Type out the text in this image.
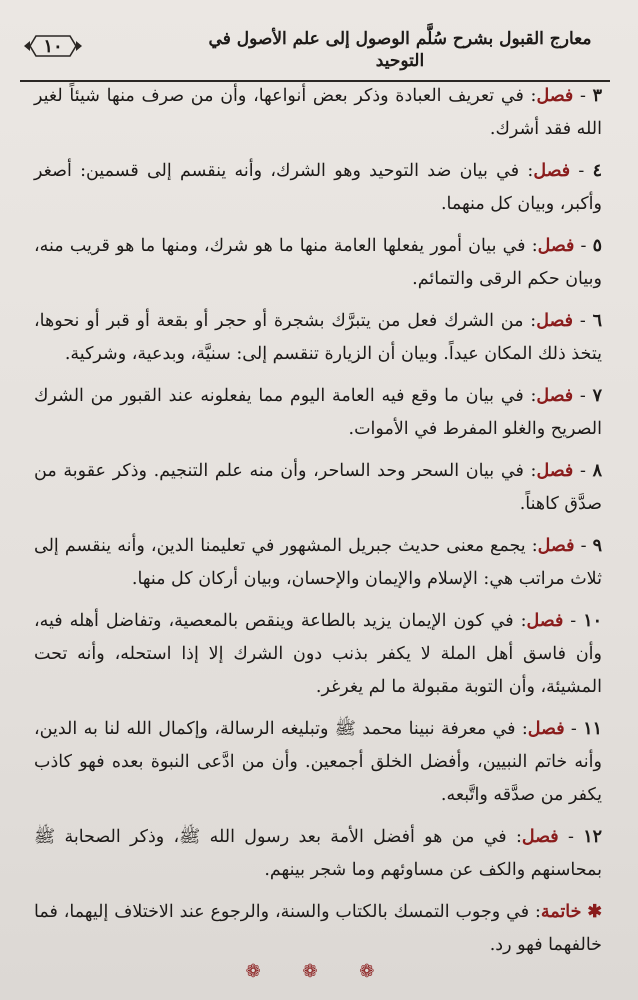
معارج القبول بشرح سُلَّم الوصول إلى علم الأصول في التوحيد
١٠

٣ - فصل: في تعريف العبادة وذكر بعض أنواعها، وأن من صرف منها شيئاً لغير الله فقد أشرك.

٤ - فصل: في بيان ضد التوحيد وهو الشرك، وأنه ينقسم إلى قسمين: أصغر وأكبر، وبيان كل منهما.

٥ - فصل: في بيان أمور يفعلها العامة منها ما هو شرك، ومنها ما هو قريب منه، وبيان حكم الرقى والتمائم.

٦ - فصل: من الشرك فعل من يتبرَّك بشجرة أو حجر أو بقعة أو قبر أو نحوها، يتخذ ذلك المكان عيداً. وبيان أن الزيارة تنقسم إلى: سنيَّة، وبدعية، وشركية.

٧ - فصل: في بيان ما وقع فيه العامة اليوم مما يفعلونه عند القبور من الشرك الصريح والغلو المفرط في الأموات.

٨ - فصل: في بيان السحر وحد الساحر، وأن منه علم التنجيم. وذكر عقوبة من صدَّق كاهناً.

٩ - فصل: يجمع معنى حديث جبريل المشهور في تعليمنا الدين، وأنه ينقسم إلى ثلاث مراتب هي: الإسلام والإيمان والإحسان، وبيان أركان كل منها.

١٠ - فصل: في كون الإيمان يزيد بالطاعة وينقص بالمعصية، وتفاضل أهله فيه، وأن فاسق أهل الملة لا يكفر بذنب دون الشرك إلا إذا استحله، وأنه تحت المشيئة، وأن التوبة مقبولة ما لم يغرغر.

١١ - فصل: في معرفة نبينا محمد ﷺ وتبليغه الرسالة، وإكمال الله لنا به الدين، وأنه خاتم النبيين، وأفضل الخلق أجمعين. وأن من ادَّعى النبوة بعده فهو كاذب يكفر من صدَّقه واتَّبعه.

١٢ - فصل: في من هو أفضل الأمة بعد رسول الله ﷺ، وذكر الصحابة ﷺ بمحاسنهم والكف عن مساوئهم وما شجر بينهم.

✱ خاتمة: في وجوب التمسك بالكتاب والسنة، والرجوع عند الاختلاف إليهما، فما خالفهما فهو رد.

❁ ❁ ❁
